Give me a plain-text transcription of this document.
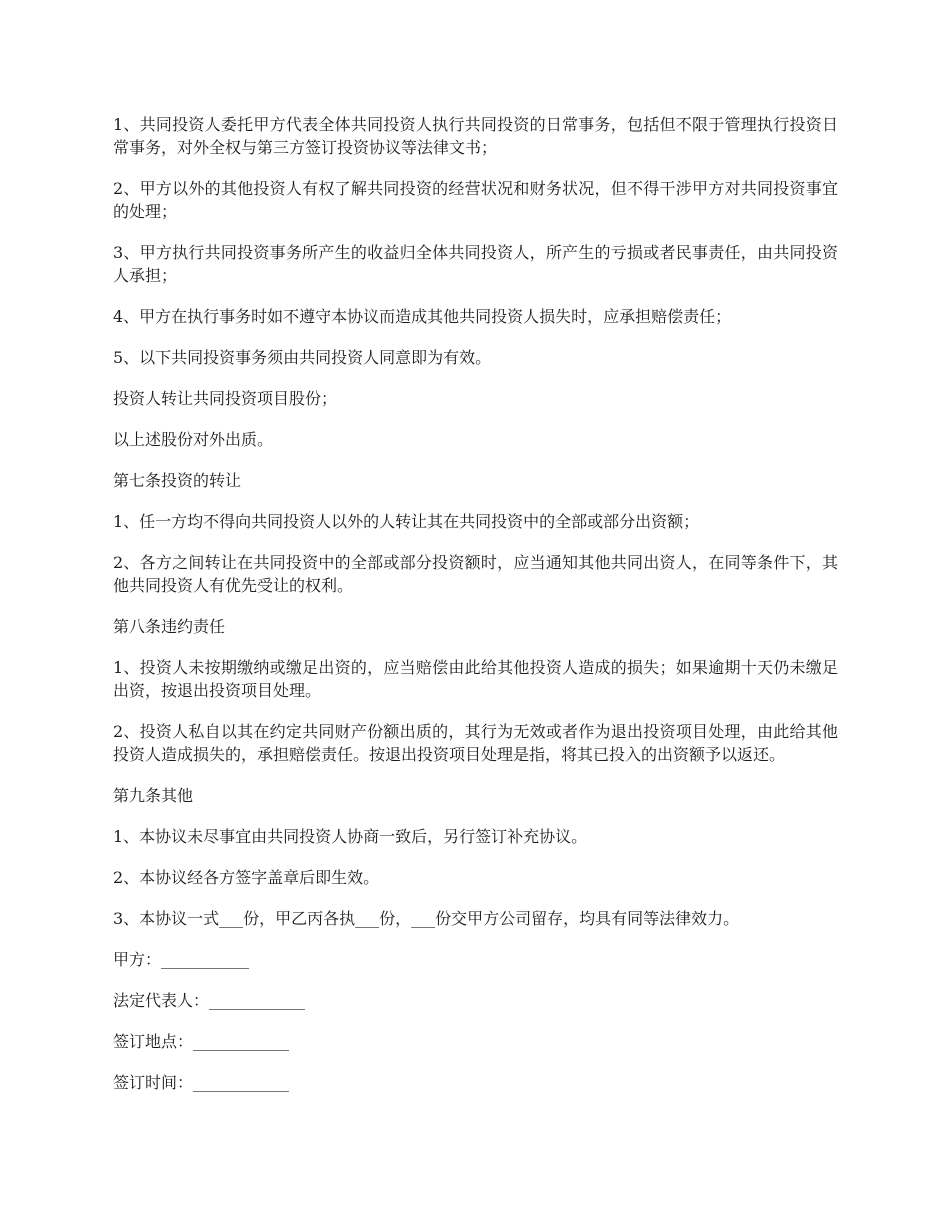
1、共同投资人委托甲方代表全体共同投资人执行共同投资的日常事务，包括但不限于管理执行投资日常事务，对外全权与第三方签订投资协议等法律文书；

2、甲方以外的其他投资人有权了解共同投资的经营状况和财务状况，但不得干涉甲方对共同投资事宜的处理；

3、甲方执行共同投资事务所产生的收益归全体共同投资人，所产生的亏损或者民事责任，由共同投资人承担；

4、甲方在执行事务时如不遵守本协议而造成其他共同投资人损失时，应承担赔偿责任；

5、以下共同投资事务须由共同投资人同意即为有效。

投资人转让共同投资项目股份；

以上述股份对外出质。

第七条投资的转让

1、任一方均不得向共同投资人以外的人转让其在共同投资中的全部或部分出资额；

2、各方之间转让在共同投资中的全部或部分投资额时，应当通知其他共同出资人，在同等条件下，其他共同投资人有优先受让的权利。

第八条违约责任

1、投资人未按期缴纳或缴足出资的，应当赔偿由此给其他投资人造成的损失；如果逾期十天仍未缴足出资，按退出投资项目处理。

2、投资人私自以其在约定共同财产份额出质的，其行为无效或者作为退出投资项目处理，由此给其他投资人造成损失的，承担赔偿责任。按退出投资项目处理是指，将其已投入的出资额予以返还。

第九条其他

1、本协议未尽事宜由共同投资人协商一致后，另行签订补充协议。

2、本协议经各方签字盖章后即生效。

3、本协议一式___份，甲乙丙各执___份，___份交甲方公司留存，均具有同等法律效力。

甲方：___________

法定代表人：____________

签订地点：____________

签订时间：____________
